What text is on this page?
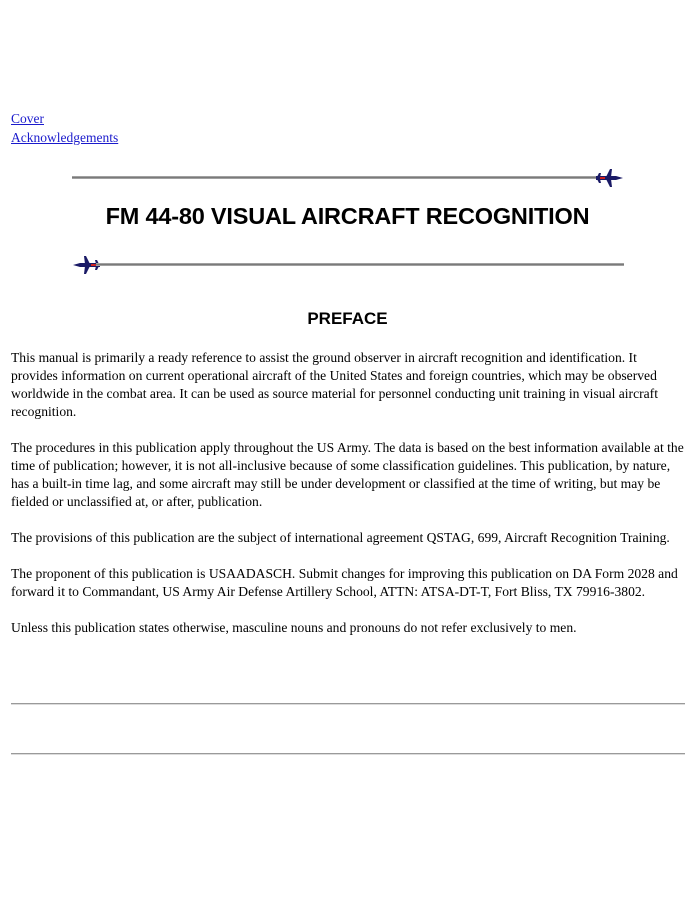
Cover
Acknowledgements
FM 44-80 VISUAL AIRCRAFT RECOGNITION
PREFACE

This manual is primarily a ready reference to assist the ground observer in aircraft recognition and identification. It provides information on current operational aircraft of the United States and foreign countries, which may be observed worldwide in the combat area. It can be used as source material for personnel conducting unit training in visual aircraft recognition.

The procedures in this publication apply throughout the US Army. The data is based on the best information available at the time of publication; however, it is not all-inclusive because of some classification guidelines. This publication, by nature, has a built-in time lag, and some aircraft may still be under development or classified at the time of writing, but may be fielded or unclassified at, or after, publication.

The provisions of this publication are the subject of international agreement QSTAG, 699, Aircraft Recognition Training.

The proponent of this publication is USAADASCH. Submit changes for improving this publication on DA Form 2028 and forward it to Commandant, US Army Air Defense Artillery School, ATTN: ATSA-DT-T, Fort Bliss, TX 79916-3802.

Unless this publication states otherwise, masculine nouns and pronouns do not refer exclusively to men.
